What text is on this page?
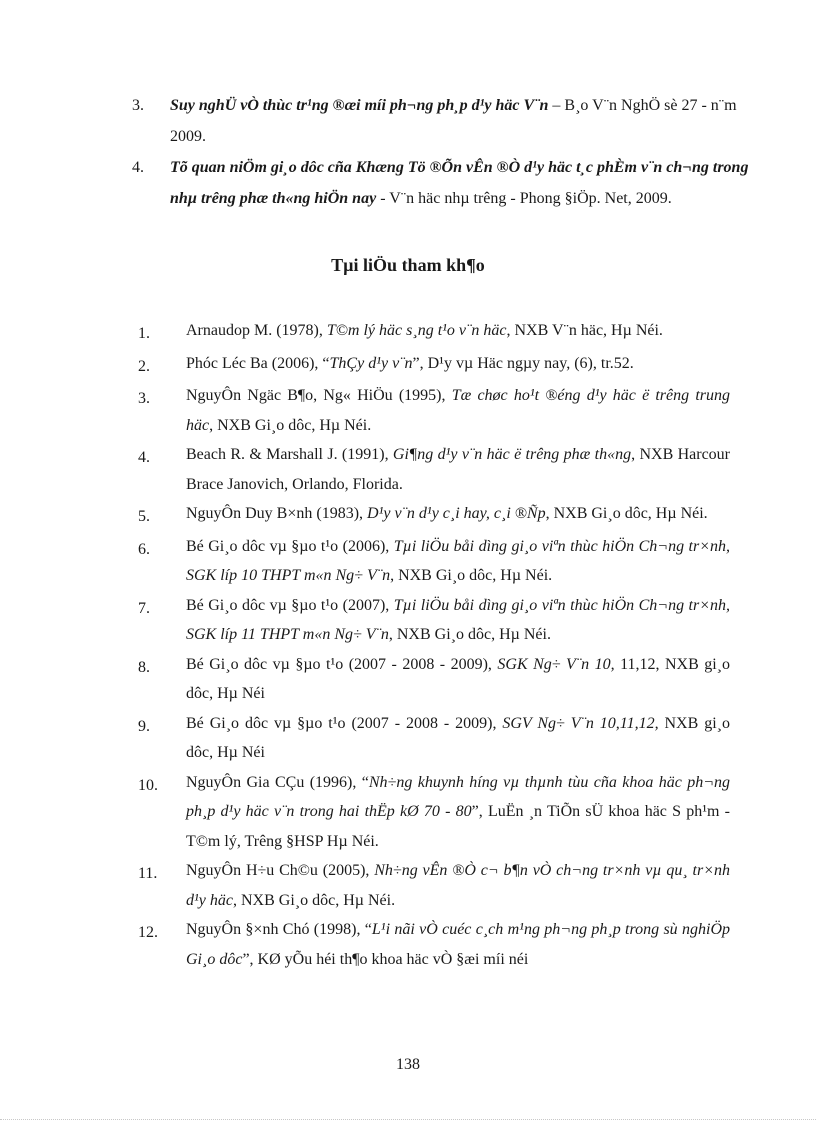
3.	Suy nghÜ vÒ thùc tr¹ng ®æi míi ph¬ng ph¸p d¹y häc V¨n – B¸o V¨n NghÖ sè 27 - n¨m 2009.
4.	Tõ quan niÖm gi¸o dôc cña Khæng Tö ®Õn vÊn ®Ò d¹y häc t¸c phÈm v¨n ch¬ng trong nhµ trêng phæ th«ng hiÖn nay - V¨n häc nhµ trêng - Phong §iÖp. Net, 2009.
Tµi liÖu tham kh¶o
1.	Arnaudop M. (1978), T©m lý häc s¸ng t¹o v¨n häc, NXB V¨n häc, Hµ Néi.
2.	Phóc Léc Ba (2006), “ThÇy d¹y v¨n”, D¹y vµ Häc ngµy nay, (6), tr.52.
3.	NguyÔn Ngäc B¶o, Ng« HiÖu (1995), Tæ chøc ho¹t ®éng d¹y häc ë trêng trung häc, NXB Gi¸o dôc, Hµ Néi.
4.	Beach R. & Marshall J. (1991), Gi¶ng d¹y v¨n häc ë trêng phæ th«ng, NXB Harcour Brace Janovich, Orlando, Florida.
5.	NguyÔn Duy B×nh (1983), D¹y v¨n d¹y c¸i hay, c¸i ®Ñp, NXB Gi¸o dôc, Hµ Néi.
6.	Bé Gi¸o dôc vµ §µo t¹o (2006), Tµi liÖu båi dìng gi¸o viªn thùc hiÖn Ch¬ng tr×nh, SGK líp 10 THPT m«n Ng÷ V¨n, NXB Gi¸o dôc, Hµ Néi.
7.	Bé Gi¸o dôc vµ §µo t¹o (2007), Tµi liÖu båi dìng gi¸o viªn thùc hiÖn Ch¬ng tr×nh, SGK líp 11 THPT m«n Ng÷ V¨n, NXB Gi¸o dôc, Hµ Néi.
8.	Bé Gi¸o dôc vµ §µo t¹o (2007 - 2008 - 2009), SGK Ng÷ V¨n 10, 11,12, NXB gi¸o dôc, Hµ Néi
9.	Bé Gi¸o dôc vµ §µo t¹o (2007 - 2008 - 2009), SGV Ng÷ V¨n 10,11,12, NXB gi¸o dôc, Hµ Néi
10.	NguyÔn Gia CÇu (1996), “Nh÷ng khuynh híng vµ thµnh tùu cña khoa häc ph¬ng ph¸p d¹y häc v¨n trong hai thËp kØ 70 - 80”, LuËn ¸n TiÕn sÜ khoa häc S ph¹m - T©m lý, Trêng §HSP Hµ Néi.
11.	NguyÔn H÷u Ch©u (2005), Nh÷ng vÊn ®Ò c¬ b¶n vÒ ch¬ng tr×nh vµ qu¸ tr×nh d¹y häc, NXB Gi¸o dôc, Hµ Néi.
12.	NguyÔn §×nh Chó (1998), “L¹i nãi vÒ cuéc c¸ch m¹ng ph¬ng ph¸p trong sù nghiÖp Gi¸o dôc”, KØ yÕu héi th¶o khoa häc vÒ §æi míi néi
138
